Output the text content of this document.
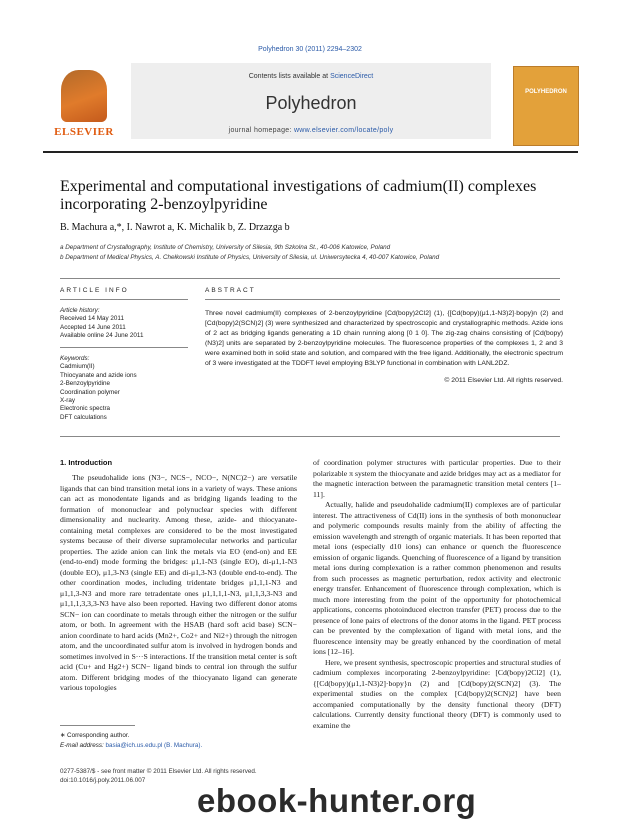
Polyhedron 30 (2011) 2294–2302
ELSEVIER
Contents lists available at ScienceDirect
Polyhedron
journal homepage: www.elsevier.com/locate/poly
POLYHEDRON
Experimental and computational investigations of cadmium(II) complexes
incorporating 2-benzoylpyridine
B. Machura a,*, I. Nawrot a, K. Michalik b, Z. Drzazga b
a Department of Crystallography, Institute of Chemistry, University of Silesia, 9th Szkolna St., 40-006 Katowice, Poland
b Department of Medical Physics, A. Chełkowski Institute of Physics, University of Silesia, ul. Uniwersytecka 4, 40-007 Katowice, Poland
ARTICLE INFO	ABSTRACT
Article history:
Received 14 May 2011
Accepted 14 June 2011
Available online 24 June 2011
Keywords:
Cadmium(II)
Thiocyanate and azide ions
2-Benzoylpyridine
Coordination polymer
X-ray
Electronic spectra
DFT calculations
Three novel cadmium(II) complexes of 2-benzoylpyridine [Cd(bopy)2Cl2] (1), {[Cd(bopy)(μ1,1-N3)2]·bopy}n (2) and [Cd(bopy)2(SCN)2] (3) were synthesized and characterized by spectroscopic and crystallographic methods. Azide ions of 2 act as bridging ligands generating a 1D chain running along [0 1 0]. The zig-zag chains consisting of [Cd(bopy)(N3)2] units are separated by 2-benzoylpyridine molecules. The fluorescence properties of the complexes 1, 2 and 3 were examined both in solid state and solution, and compared with the free ligand. Additionally, the electronic spectrum of 3 were investigated at the TDDFT level employing B3LYP functional in combination with LANL2DZ.
© 2011 Elsevier Ltd. All rights reserved.
1. Introduction

The pseudohalide ions (N3−, NCS−, NCO−, N(NC)2−) are versatile ligands that can bind transition metal ions in a variety of ways. These anions can act as monodentate ligands and as bridging ligands leading to the formation of mononuclear and polynuclear species with different dimensionality and nuclearity. Among these, azide- and thiocyanate-containing metal complexes are considered to be the most investigated systems because of their diverse supramolecular networks and particular properties. The azide anion can link the metals via EO (end-on) and EE (end-to-end) mode forming the bridges: μ1,1-N3 (single EO), di-μ1,1-N3 (double EO), μ1,3-N3 (single EE) and di-μ1,3-N3 (double end-to-end). The other coordination modes, including tridentate bridges μ1,1,1-N3 and μ1,1,3-N3 and more rare tetradentate ones μ1,1,1,1-N3, μ1,1,3,3-N3 and μ1,1,1,3,3,3-N3 have also been reported. Having two different donor atoms SCN− ion can coordinate to metals through either the nitrogen or the sulfur atom, or both. In agreement with the HSAB (hard soft acid base) SCN− anion coordinate to hard acids (Mn2+, Co2+ and Ni2+) through the nitrogen atom, and the uncoordinated sulfur atom is involved in hydrogen bonds and sometimes involved in S···S interactions. If the transition metal center is soft acid (Cu+ and Hg2+) SCN− ligand binds to central ion through the sulfur atom. Different bridging modes of the thiocyanato ligand can generate various topologies

of coordination polymer structures with particular properties. Due to their polarizable π system the thiocyanate and azide bridges may act as a mediator for the magnetic interaction between the paramagnetic transition metal centers [1–11].

Actually, halide and pseudohalide cadmium(II) complexes are of particular interest. The attractiveness of Cd(II) ions in the synthesis of both mononuclear and polymeric compounds results mainly from the ability of affecting the emission wavelength and strength of organic materials. It has been reported that metal ions (especially d10 ions) can enhance or quench the fluorescence emission of organic ligands. Quenching of fluorescence of a ligand by transition metal ions during complexation is a rather common phenomenon and results from such processes as magnetic perturbation, redox activity and electronic energy transfer. Enhancement of fluorescence through complexation, which is much more interesting from the point of the opportunity for photochemical applications, concerns photoinduced electron transfer (PET) process due to the presence of lone pairs of electrons of the donor atoms in the ligand. PET process can be prevented by the complexation of ligand with metal ions, and the fluorescence intensity may be greatly enhanced by the coordination of metal ions [12–16].

Here, we present synthesis, spectroscopic properties and structural studies of cadmium complexes incorporating 2-benzoylpyridine: [Cd(bopy)2Cl2] (1), {[Cd(bopy)(μ1,1-N3)2]·bopy}n (2) and [Cd(bopy)2(SCN)2] (3). The experimental studies on the complex [Cd(bopy)2(SCN)2] have been accompanied computationally by the density functional theory (DFT) calculations. Currently density functional theory (DFT) is commonly used to examine the

∗ Corresponding author.
E-mail address: basia@ich.us.edu.pl (B. Machura).
0277-5387/$ - see front matter © 2011 Elsevier Ltd. All rights reserved.
doi:10.1016/j.poly.2011.06.007
ebook-hunter.org
